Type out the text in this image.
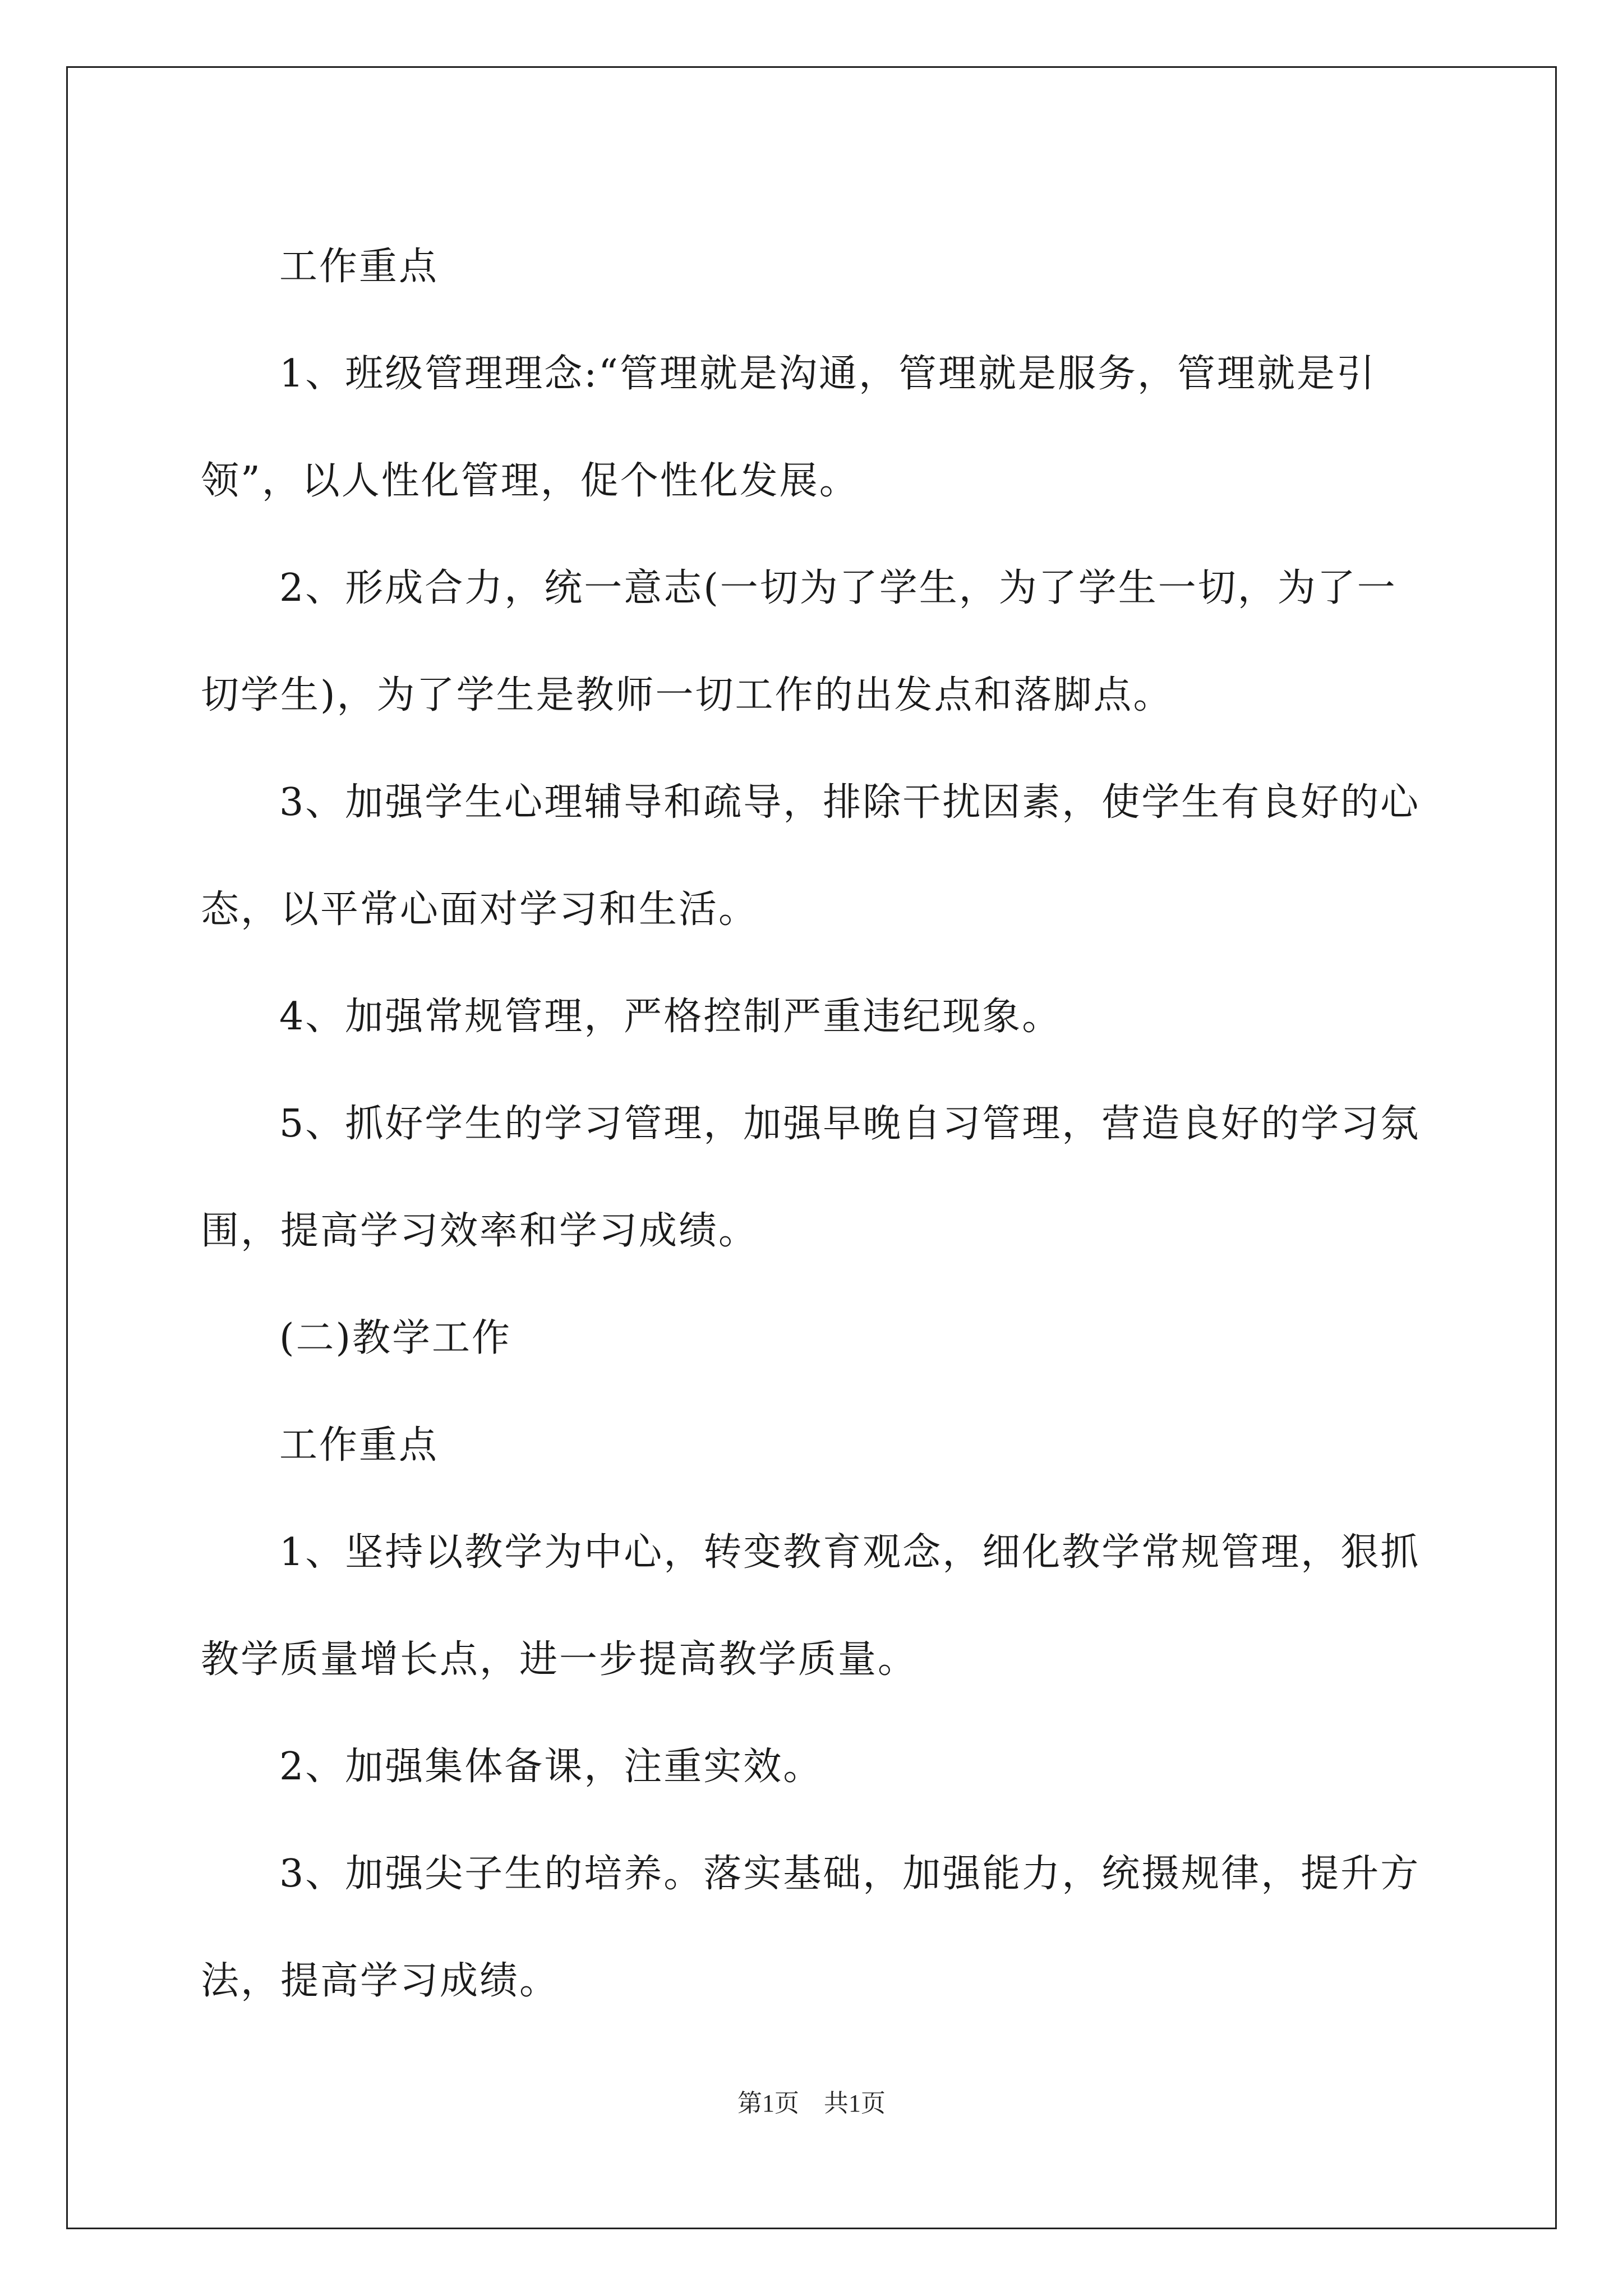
工作重点

1、班级管理理念:“管理就是沟通，管理就是服务，管理就是引领”，以人性化管理，促个性化发展。

2、形成合力，统一意志(一切为了学生，为了学生一切，为了一切学生)，为了学生是教师一切工作的出发点和落脚点。

3、加强学生心理辅导和疏导，排除干扰因素，使学生有良好的心态，以平常心面对学习和生活。

4、加强常规管理，严格控制严重违纪现象。

5、抓好学生的学习管理，加强早晚自习管理，营造良好的学习氛围，提高学习效率和学习成绩。

(二)教学工作

工作重点

1、坚持以教学为中心，转变教育观念，细化教学常规管理，狠抓教学质量增长点，进一步提高教学质量。

2、加强集体备课，注重实效。

3、加强尖子生的培养。落实基础，加强能力，统摄规律，提升方法，提高学习成绩。

第1页 共1页
